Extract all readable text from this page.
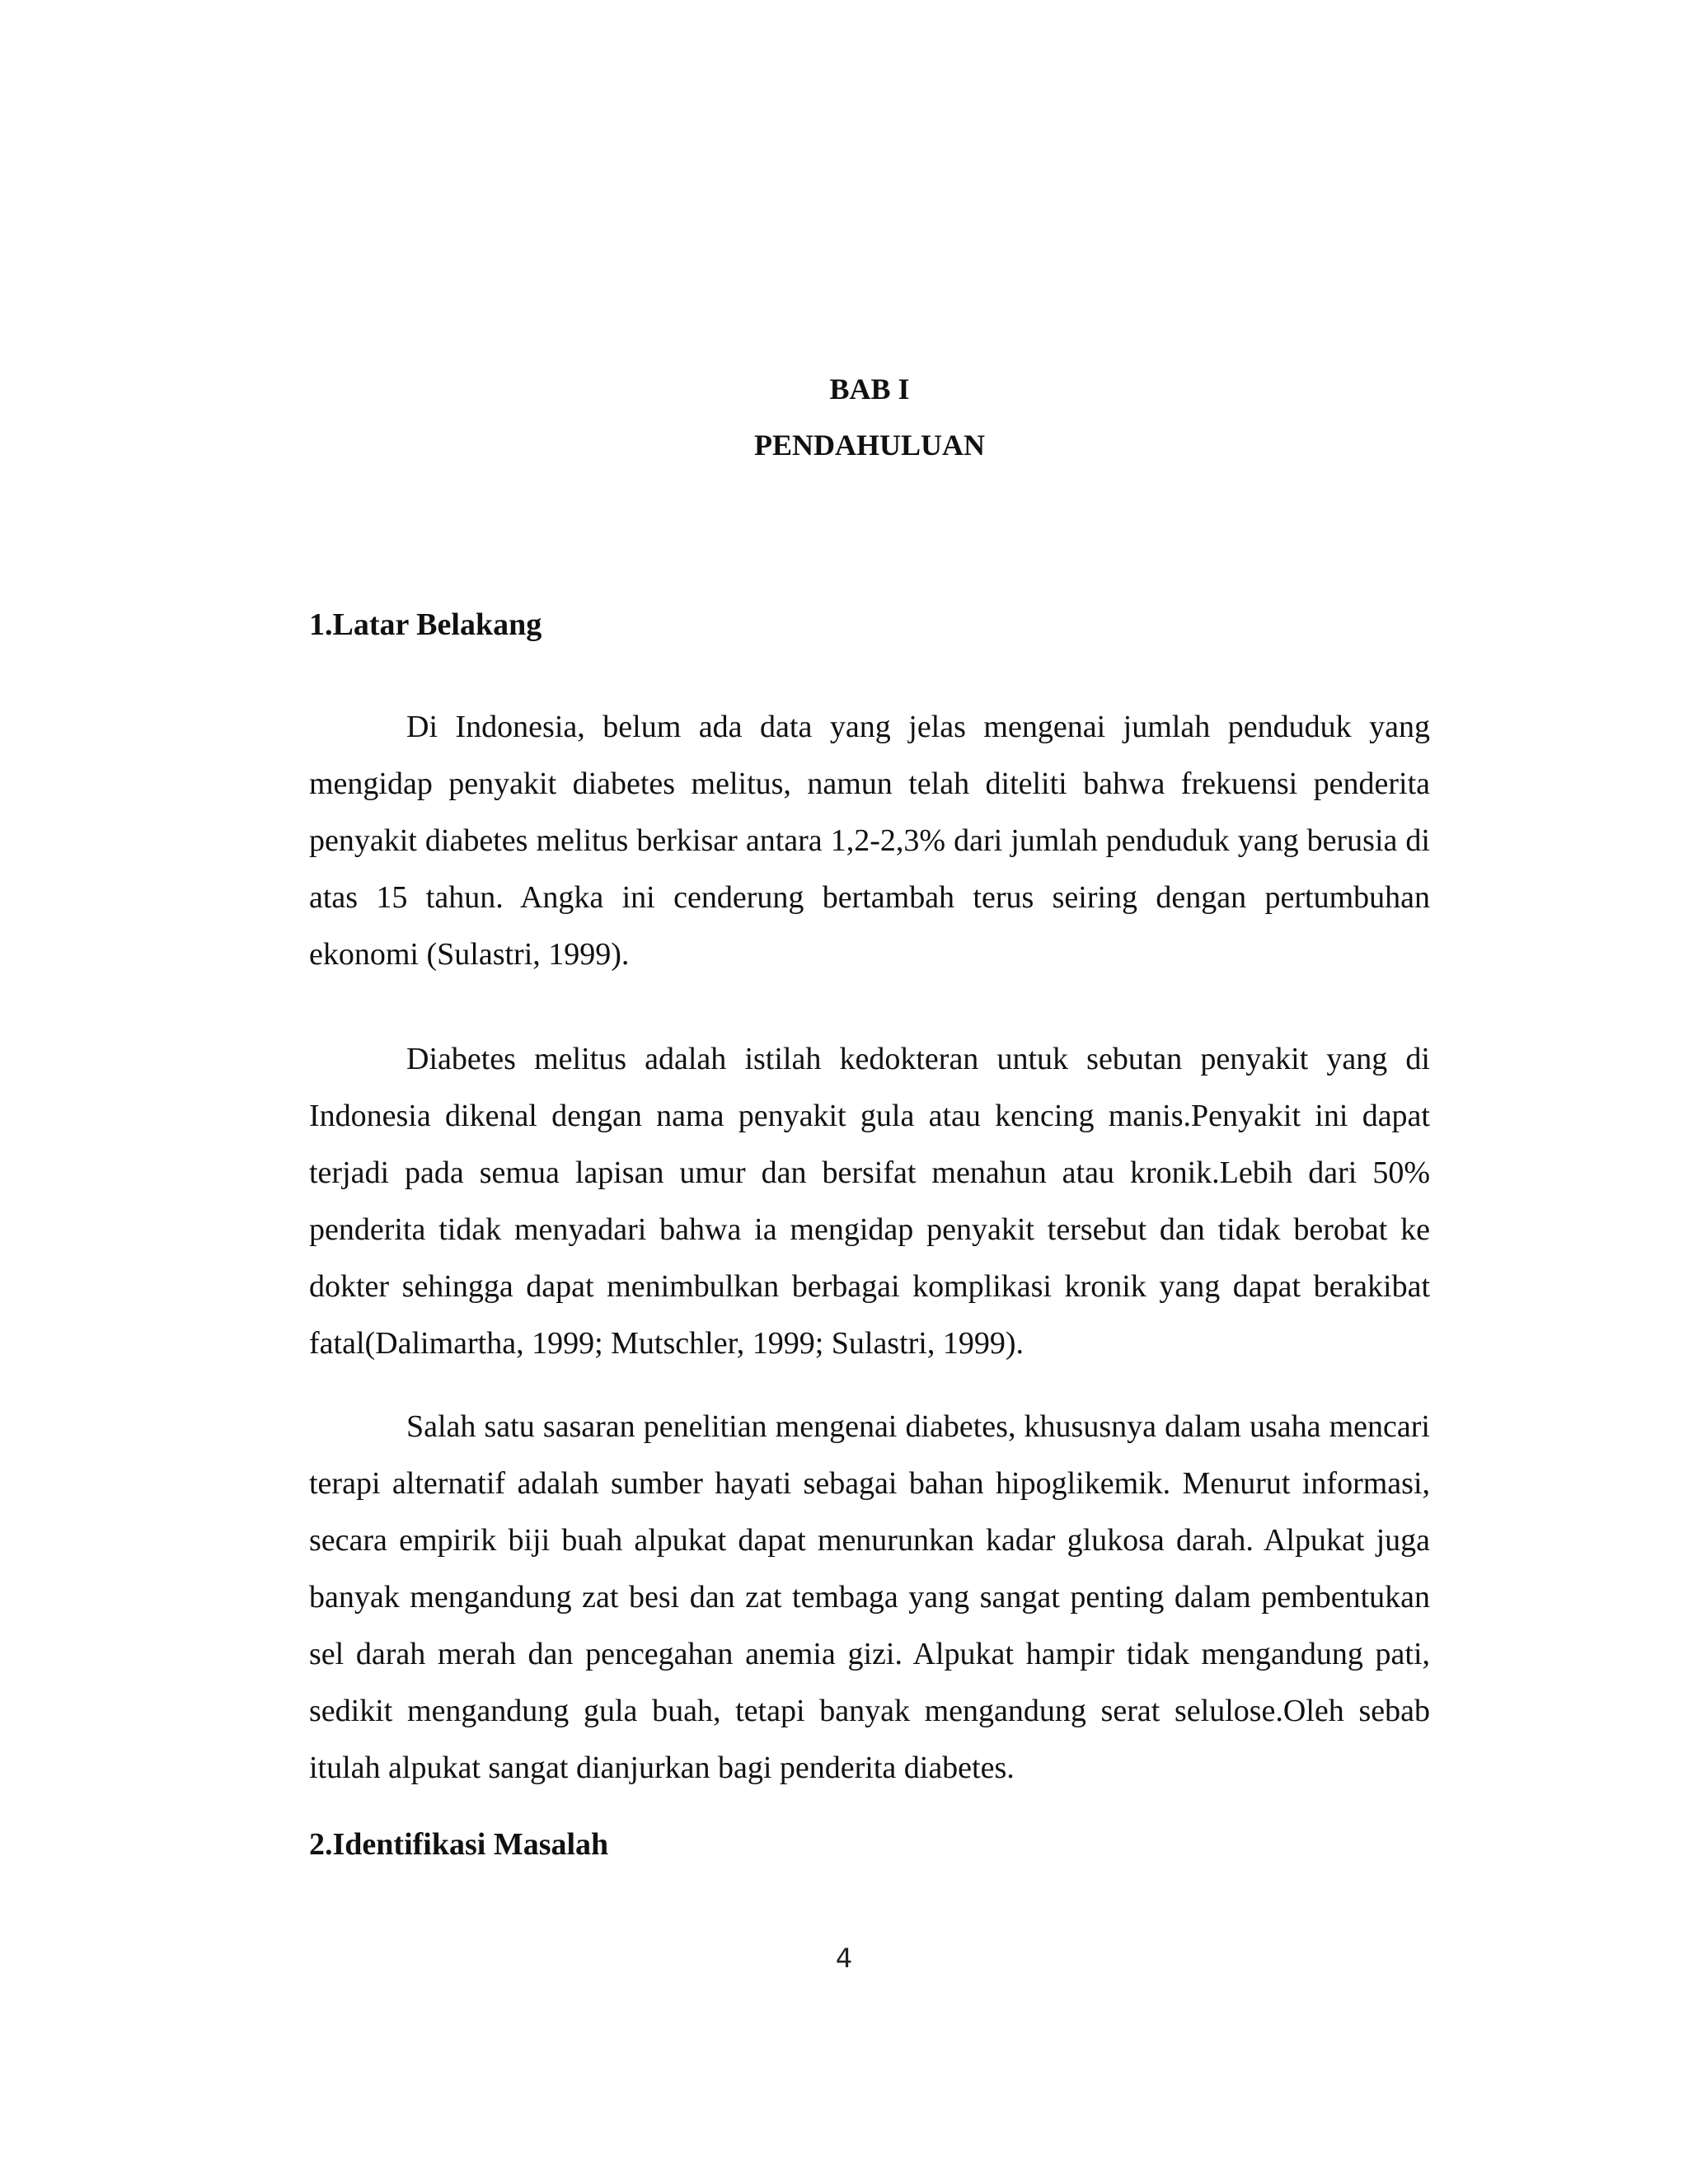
BAB I
PENDAHULUAN
1.Latar Belakang

Di Indonesia, belum ada data yang jelas mengenai jumlah penduduk yang mengidap penyakit diabetes melitus, namun telah diteliti bahwa frekuensi penderita penyakit diabetes melitus berkisar antara 1,2-2,3% dari jumlah penduduk yang berusia di atas 15 tahun. Angka ini cenderung bertambah terus seiring dengan pertumbuhan ekonomi (Sulastri, 1999).

Diabetes melitus adalah istilah kedokteran untuk sebutan penyakit yang di Indonesia dikenal dengan nama penyakit gula atau kencing manis.Penyakit ini dapat terjadi pada semua lapisan umur dan bersifat menahun atau kronik.Lebih dari 50% penderita tidak menyadari bahwa ia mengidap penyakit tersebut dan tidak berobat ke dokter sehingga dapat menimbulkan berbagai komplikasi kronik yang dapat berakibat fatal(Dalimartha, 1999; Mutschler, 1999; Sulastri, 1999).

Salah satu sasaran penelitian mengenai diabetes, khususnya dalam usaha mencari terapi alternatif adalah sumber hayati sebagai bahan hipoglikemik. Menurut informasi, secara empirik biji buah alpukat dapat menurunkan kadar glukosa darah. Alpukat juga banyak mengandung zat besi dan zat tembaga yang sangat penting dalam pembentukan sel darah merah dan pencegahan anemia gizi. Alpukat hampir tidak mengandung pati, sedikit mengandung gula buah, tetapi banyak mengandung serat selulose.Oleh sebab itulah alpukat sangat dianjurkan bagi penderita diabetes.

2.Identifikasi Masalah

4
